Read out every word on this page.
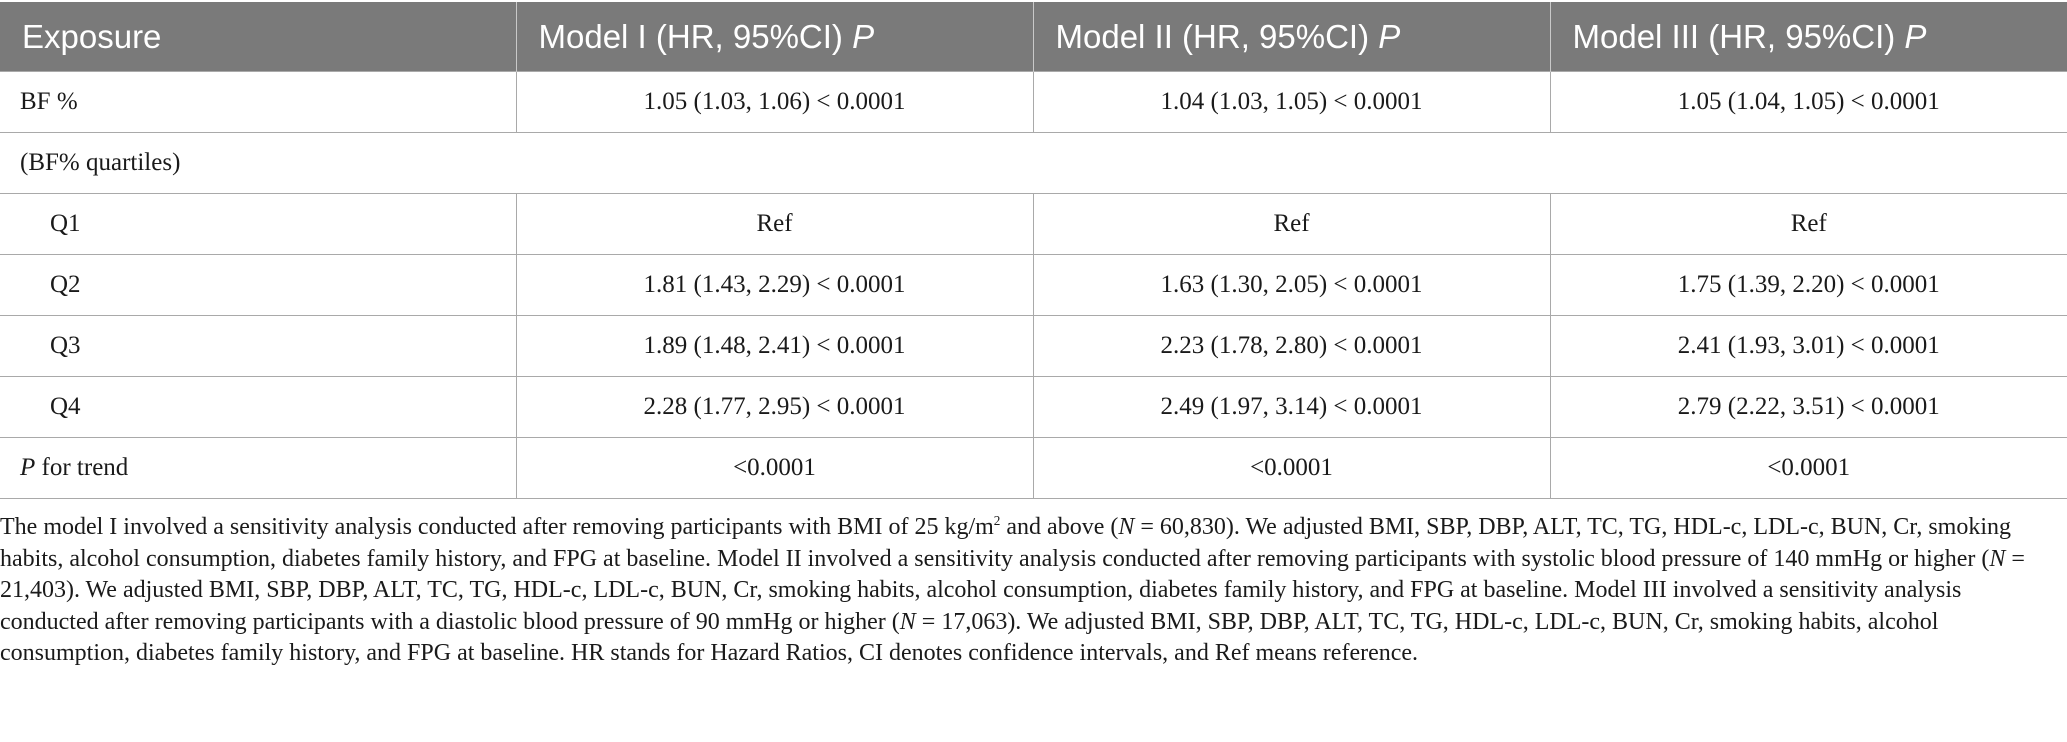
Exposure	Model I (HR, 95%CI) P	Model II (HR, 95%CI) P	Model III (HR, 95%CI) P
BF %	1.05 (1.03, 1.06) < 0.0001	1.04 (1.03, 1.05) < 0.0001	1.05 (1.04, 1.05) < 0.0001
(BF% quartiles)			
Q1	Ref	Ref	Ref
Q2	1.81 (1.43, 2.29) < 0.0001	1.63 (1.30, 2.05) < 0.0001	1.75 (1.39, 2.20) < 0.0001
Q3	1.89 (1.48, 2.41) < 0.0001	2.23 (1.78, 2.80) < 0.0001	2.41 (1.93, 3.01) < 0.0001
Q4	2.28 (1.77, 2.95) < 0.0001	2.49 (1.97, 3.14) < 0.0001	2.79 (2.22, 3.51) < 0.0001
P for trend	<0.0001	<0.0001	<0.0001
The model I involved a sensitivity analysis conducted after removing participants with BMI of 25 $kg/m^2$ and above (N = 60,830). We adjusted BMI, SBP, DBP, ALT, TC, TG, HDL-c, LDL-c, BUN, Cr, smoking habits, alcohol consumption, diabetes family history, and FPG at baseline. Model II involved a sensitivity analysis conducted after removing participants with systolic blood pressure of 140 mmHg or higher (N = 21,403). We adjusted BMI, SBP, DBP, ALT, TC, TG, HDL-c, LDL-c, BUN, Cr, smoking habits, alcohol consumption, diabetes family history, and FPG at baseline. Model III involved a sensitivity analysis conducted after removing participants with a diastolic blood pressure of 90 mmHg or higher (N = 17,063). We adjusted BMI, SBP, DBP, ALT, TC, TG, HDL-c, LDL-c, BUN, Cr, smoking habits, alcohol consumption, diabetes family history, and FPG at baseline. HR stands for Hazard Ratios, CI denotes confidence intervals, and Ref means reference.
